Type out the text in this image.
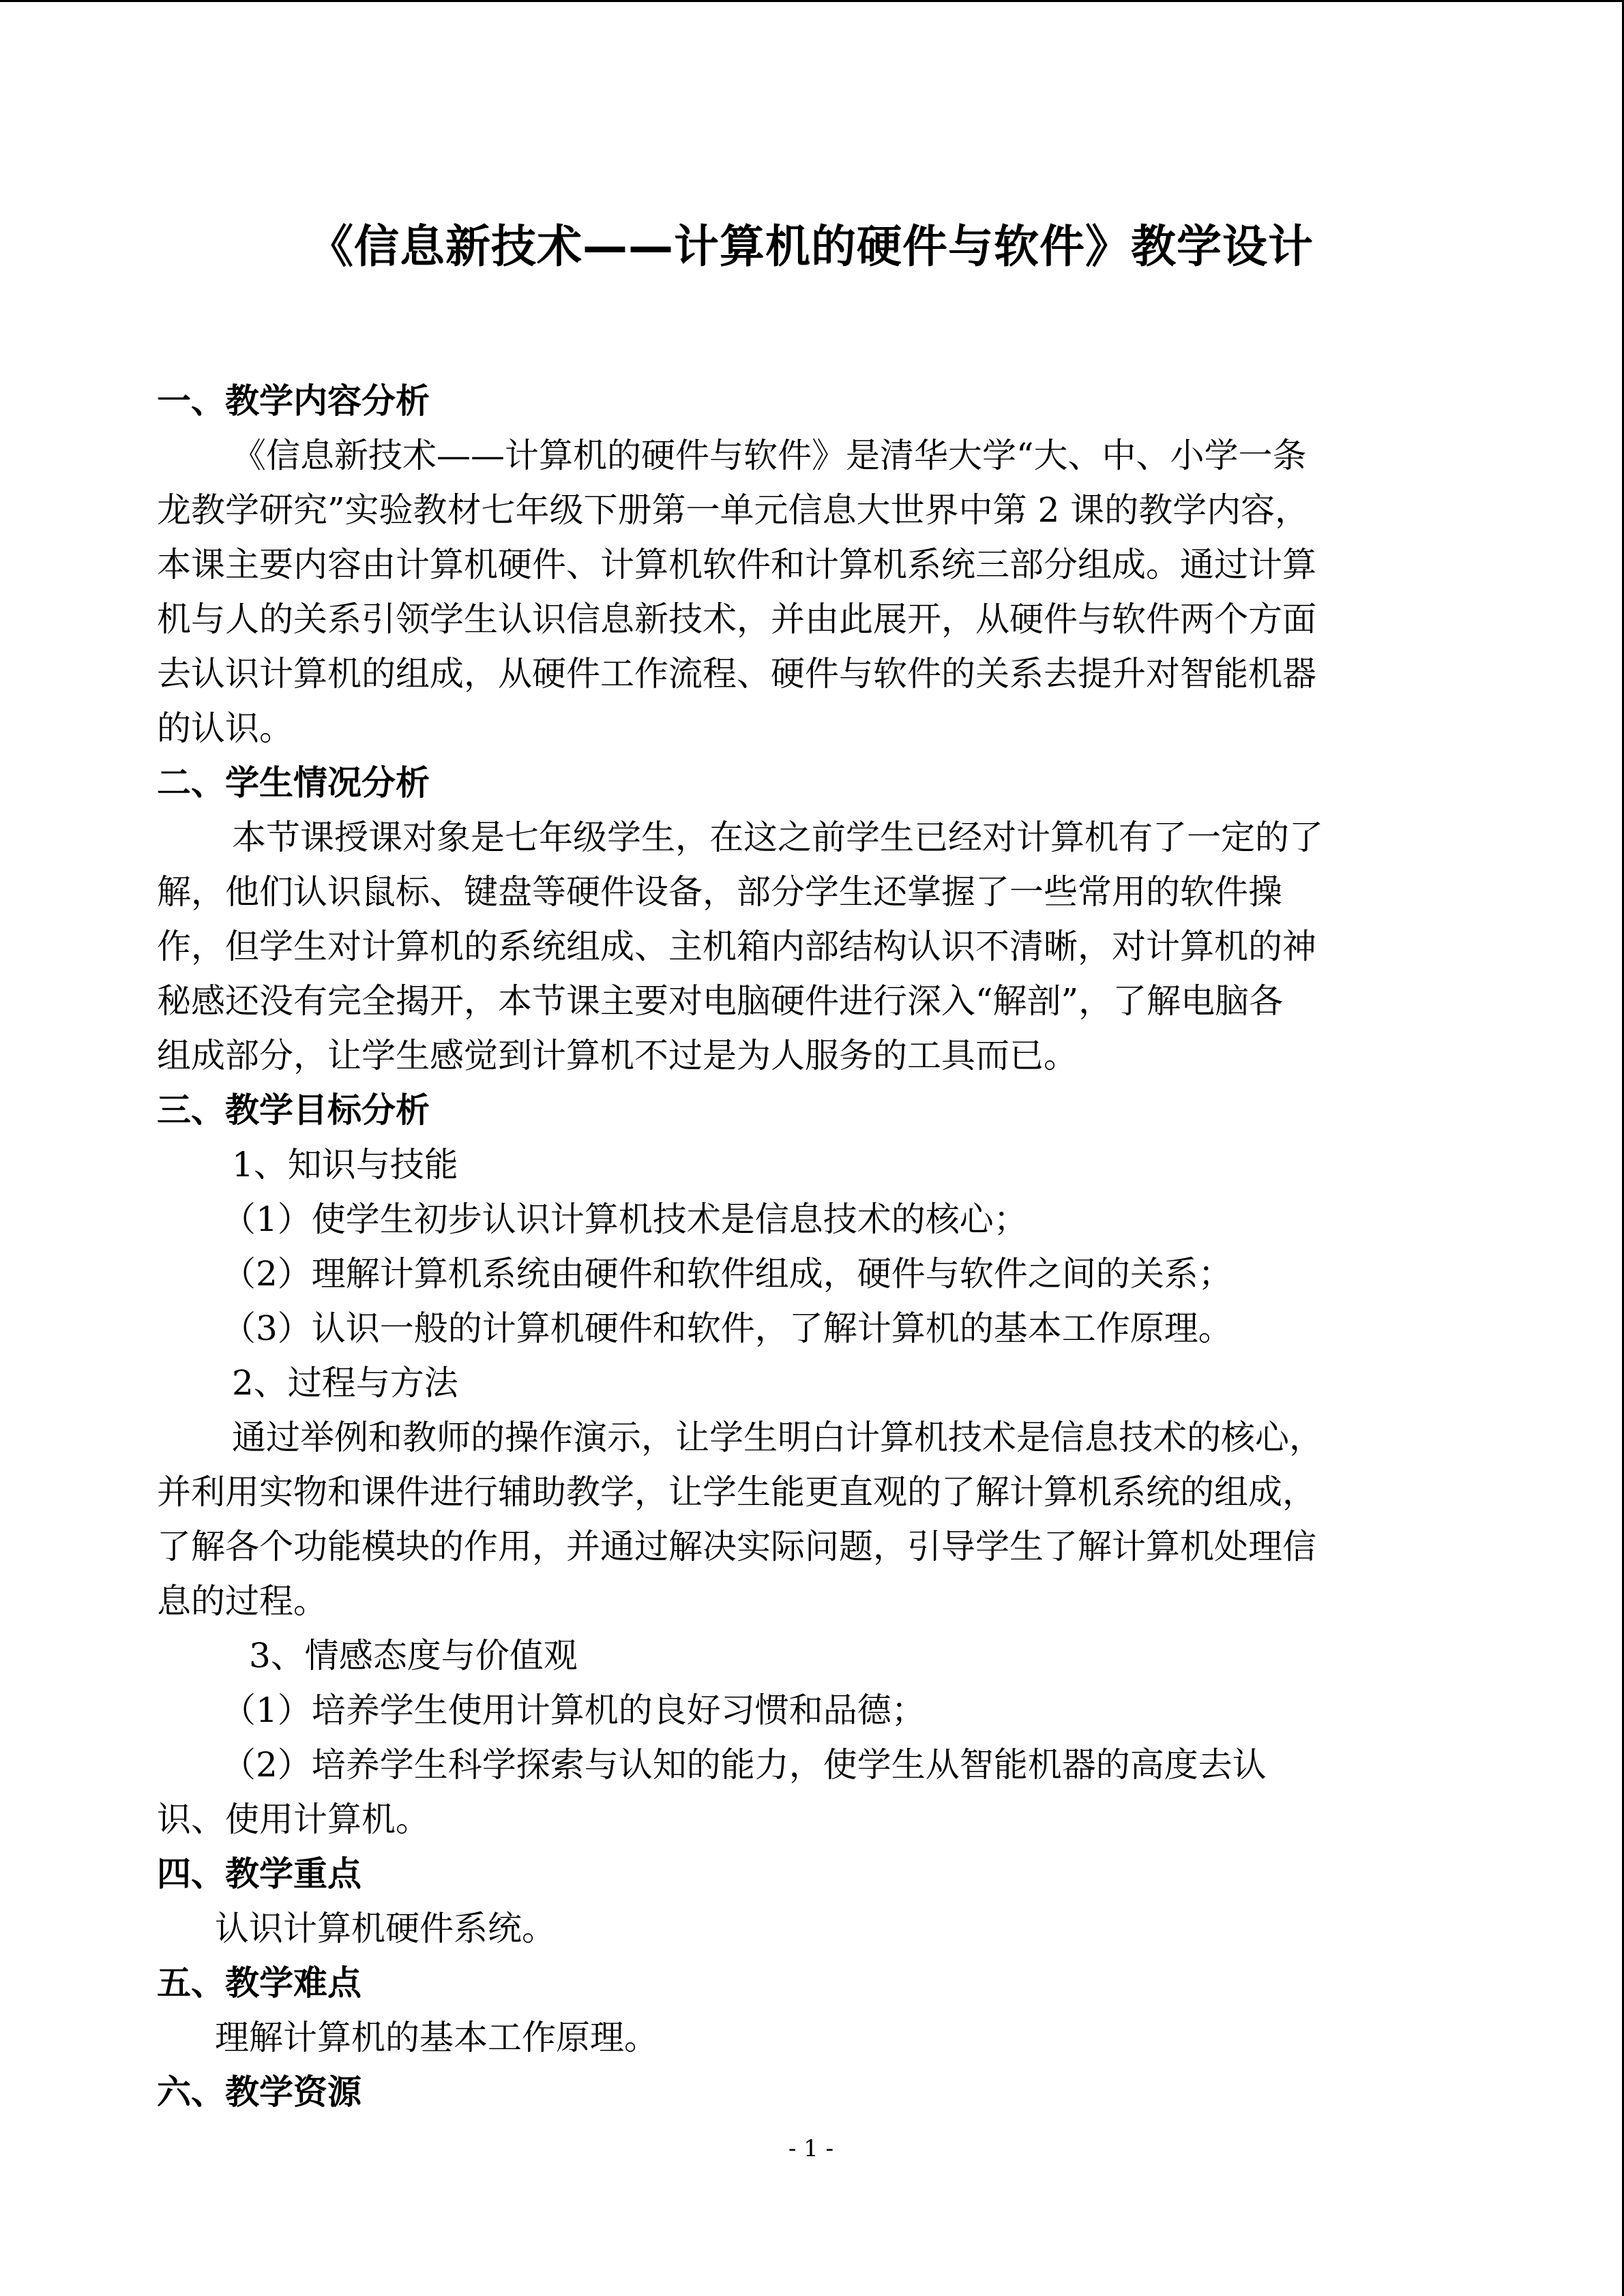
《信息新技术——计算机的硬件与软件》教学设计
一、教学内容分析
《信息新技术——计算机的硬件与软件》是清华大学“大、中、小学一条
龙教学研究”实验教材七年级下册第一单元信息大世界中第 2 课的教学内容，
本课主要内容由计算机硬件、计算机软件和计算机系统三部分组成。通过计算
机与人的关系引领学生认识信息新技术，并由此展开，从硬件与软件两个方面
去认识计算机的组成，从硬件工作流程、硬件与软件的关系去提升对智能机器
的认识。
二、学生情况分析
本节课授课对象是七年级学生，在这之前学生已经对计算机有了一定的了
解，他们认识鼠标、键盘等硬件设备，部分学生还掌握了一些常用的软件操
作，但学生对计算机的系统组成、主机箱内部结构认识不清晰，对计算机的神
秘感还没有完全揭开，本节课主要对电脑硬件进行深入“解剖”，了解电脑各
组成部分，让学生感觉到计算机不过是为人服务的工具而已。
三、教学目标分析
1、知识与技能
（1）使学生初步认识计算机技术是信息技术的核心；
（2）理解计算机系统由硬件和软件组成，硬件与软件之间的关系；
（3）认识一般的计算机硬件和软件，了解计算机的基本工作原理。
2、过程与方法
通过举例和教师的操作演示，让学生明白计算机技术是信息技术的核心，
并利用实物和课件进行辅助教学，让学生能更直观的了解计算机系统的组成，
了解各个功能模块的作用，并通过解决实际问题，引导学生了解计算机处理信
息的过程。
3、情感态度与价值观
（1）培养学生使用计算机的良好习惯和品德；
（2）培养学生科学探索与认知的能力，使学生从智能机器的高度去认
识、使用计算机。
四、教学重点
认识计算机硬件系统。
五、教学难点
理解计算机的基本工作原理。
六、教学资源
- 1 -
